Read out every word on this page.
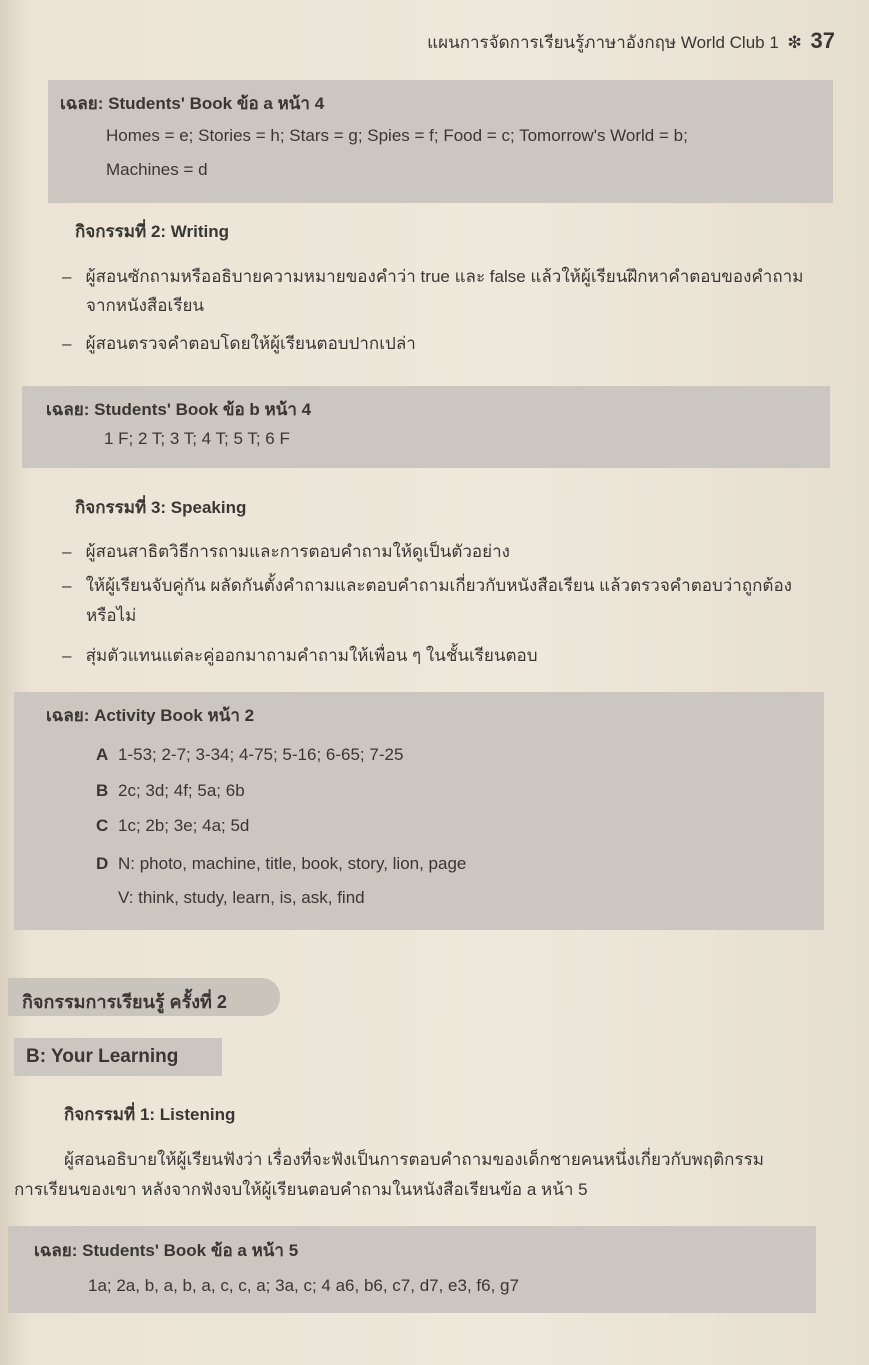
แผนการจัดการเรียนรู้ภาษาอังกฤษ World Club 1 ❇ 37
เฉลย: Students' Book ข้อ a หน้า 4
Homes = e; Stories = h; Stars = g; Spies = f; Food = c; Tomorrow's World = b;
Machines = d
กิจกรรมที่ 2: Writing
–   ผู้สอนซักถามหรืออธิบายความหมายของคำว่า true และ false แล้วให้ผู้เรียนฝึกหาคำตอบของคำถาม
จากหนังสือเรียน
–   ผู้สอนตรวจคำตอบโดยให้ผู้เรียนตอบปากเปล่า
เฉลย: Students' Book ข้อ b หน้า 4
1 F; 2 T; 3 T; 4 T; 5 T; 6 F
กิจกรรมที่ 3: Speaking
–   ผู้สอนสาธิตวิธีการถามและการตอบคำถามให้ดูเป็นตัวอย่าง
–   ให้ผู้เรียนจับคู่กัน ผลัดกันตั้งคำถามและตอบคำถามเกี่ยวกับหนังสือเรียน แล้วตรวจคำตอบว่าถูกต้อง
หรือไม่
–   สุ่มตัวแทนแต่ละคู่ออกมาถามคำถามให้เพื่อน ๆ ในชั้นเรียนตอบ
เฉลย: Activity Book หน้า 2
A 1-53; 2-7; 3-34; 4-75; 5-16; 6-65; 7-25
B 2c; 3d; 4f; 5a; 6b
C 1c; 2b; 3e; 4a; 5d
D N: photo, machine, title, book, story, lion, page
V: think, study, learn, is, ask, find
กิจกรรมการเรียนรู้ ครั้งที่ 2
B: Your Learning
กิจกรรมที่ 1: Listening
ผู้สอนอธิบายให้ผู้เรียนฟังว่า เรื่องที่จะฟังเป็นการตอบคำถามของเด็กชายคนหนึ่งเกี่ยวกับพฤติกรรม
การเรียนของเขา หลังจากฟังจบให้ผู้เรียนตอบคำถามในหนังสือเรียนข้อ a หน้า 5
เฉลย: Students' Book ข้อ a หน้า 5
1a; 2a, b, a, b, a, c, c, a; 3a, c; 4 a6, b6, c7, d7, e3, f6, g7
